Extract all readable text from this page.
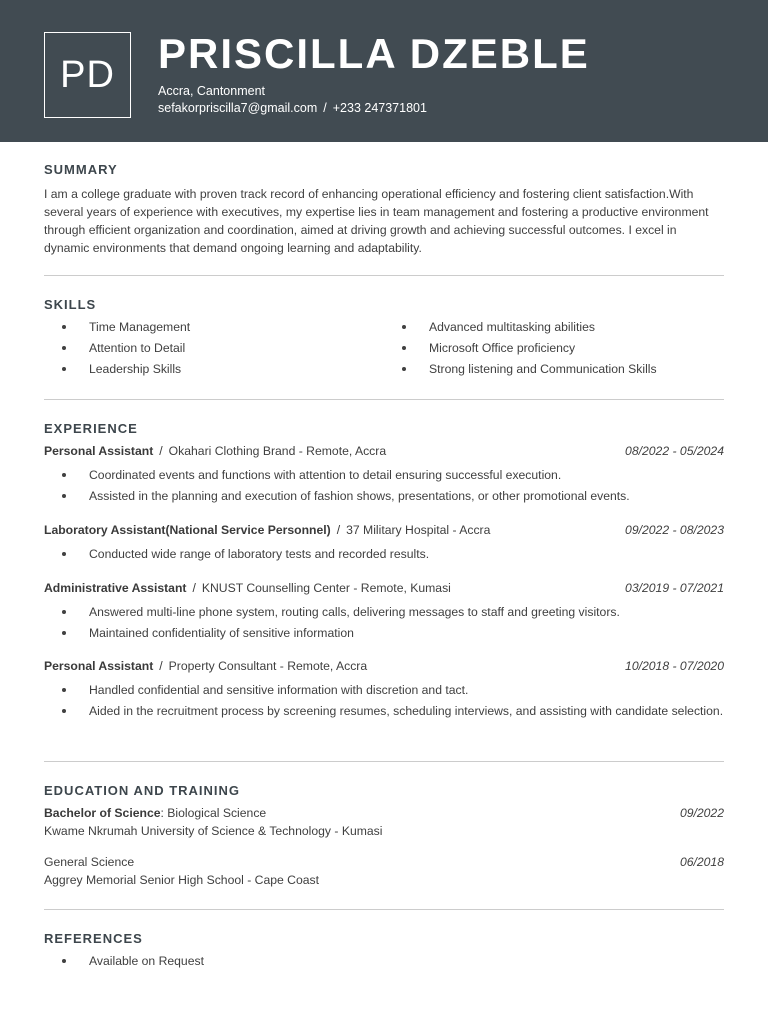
PD	PRISCILLA DZEBLE
Accra, Cantonment
sefakorpriscilla7@gmail.com / +233 247371801
SUMMARY
I am a college graduate with proven track record of enhancing operational efficiency and fostering client satisfaction.With several years of experience with executives, my expertise lies in team management and fostering a productive environment through efficient organization and coordination, aimed at driving growth and achieving successful outcomes. I excel in dynamic environments that demand ongoing learning and adaptability.
SKILLS
Time Management
Attention to Detail
Leadership Skills
Advanced multitasking abilities
Microsoft Office proficiency
Strong listening and Communication Skills
EXPERIENCE
Personal Assistant / Okahari Clothing Brand - Remote, Accra	08/2022 - 05/2024
Coordinated events and functions with attention to detail ensuring successful execution.
Assisted in the planning and execution of fashion shows, presentations, or other promotional events.
Laboratory Assistant(National Service Personnel) / 37 Military Hospital - Accra	09/2022 - 08/2023
Conducted wide range of laboratory tests and recorded results.
Administrative Assistant / KNUST Counselling Center - Remote, Kumasi	03/2019 - 07/2021
Answered multi-line phone system, routing calls, delivering messages to staff and greeting visitors.
Maintained confidentiality of sensitive information
Personal Assistant / Property Consultant - Remote, Accra	10/2018 - 07/2020
Handled confidential and sensitive information with discretion and tact.
Aided in the recruitment process by screening resumes, scheduling interviews, and assisting with candidate selection.
EDUCATION AND TRAINING
Bachelor of Science: Biological Science	09/2022
Kwame Nkrumah University of Science & Technology - Kumasi
General Science	06/2018
Aggrey Memorial Senior High School - Cape Coast
REFERENCES
Available on Request
